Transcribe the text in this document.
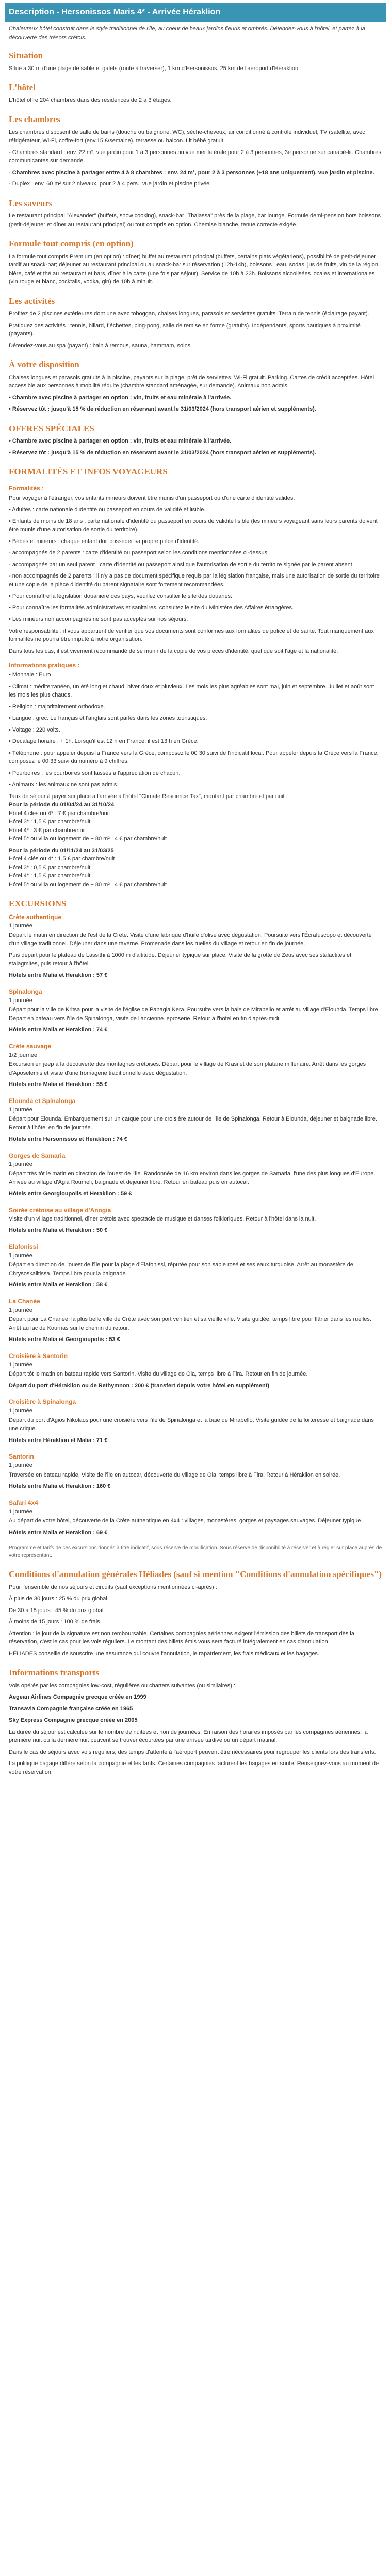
Description - Hersonissos Maris 4* - Arrivée Héraklion

Chaleureux hôtel construit dans le style traditionnel de l'île, au coeur de beaux jardins fleuris et ombrés. Détendez-vous à l'hôtel, et partez à la découverte des trésors crétois.

Situation

Situé à 30 m d'une plage de sable et galets (route à traverser), 1 km d'Hersonissos, 25 km de l'aéroport d'Héraklion.

L'hôtel

L'hôtel offre 204 chambres dans des résidences de 2 à 3 étages.

Les chambres

Les chambres disposent de salle de bains (douche ou baignoire, WC), sèche-cheveux, air conditionné à contrôle individuel, TV (satellite, avec réfrigérateur, Wi-Fi, coffre-fort (env.15 €/semaine), terrasse ou balcon. Lit bébé gratuit.

- Chambres standard : env. 22 m², vue jardin pour 1 à 3 personnes ou vue mer latérale pour 2 à 3 personnes, 3e personne sur canapé-lit. Chambres communicantes sur demande.

- Chambres avec piscine à partager entre 4 à 8 chambres : env. 24 m², pour 2 à 3 personnes (+18 ans uniquement), vue jardin et piscine.

- Duplex : env. 60 m² sur 2 niveaux, pour 2 à 4 pers., vue jardin et piscine privée.

Les saveurs

Le restaurant principal "Alexander" (buffets, show cooking), snack-bar "Thalassa" près de la plage, bar lounge. Formule demi-pension hors boissons (petit-déjeuner et dîner au restaurant principal) ou tout compris en option. Chemise blanche, tenue correcte exigée.

Formule tout compris (en option)

La formule tout compris Premium (en option) : dîner) buffet au restaurant principal (buffets, certains plats végétariens), possibilité de petit-déjeuner tardif au snack-bar; déjeuner au restaurant principal ou au snack-bar sur réservation (12h-14h), boissons : eau, sodas, jus de fruits, vin de la région, bière, café et thé au restaurant et bars, dîner à la carte (une fois par séjour). Service de 10h à 23h. Boissons alcoolisées locales et internationales (vin rouge et blanc, cocktails, vodka, gin) de 10h à minuit.

Les activités

Profitez de 2 piscines extérieures dont une avec toboggan, chaises longues, parasols et serviettes gratuits. Terrain de tennis (éclairage payant).

Pratiquez des activités : tennis, billard, fléchettes, ping-pong, salle de remise en forme (gratuits). Indépendants, sports nautiques à proximité (payants).

Détendez-vous au spa (payant) : bain à remous, sauna, hammam, soins.

À votre disposition

Chaises longues et parasols gratuits à la piscine, payants sur la plage, prêt de serviettes. Wi-Fi gratuit. Parking. Cartes de crédit acceptées. Hôtel accessible aux personnes à mobilité réduite (chambre standard aménagée, sur demande). Animaux non admis.

• Chambre avec piscine à partager en option : vin, fruits et eau minérale à l'arrivée.

• Réservez tôt : jusqu'à 15 % de réduction en réservant avant le 31/03/2024 (hors transport aérien et suppléments).

OFFRES SPÉCIALES

• Chambre avec piscine à partager en option : vin, fruits et eau minérale à l'arrivée.

• Réservez tôt : jusqu'à 15 % de réduction en réservant avant le 31/03/2024 (hors transport aérien et suppléments).

FORMALITÉS ET INFOS VOYAGEURS
Formalités :

Pour voyager à l'étranger, vos enfants mineurs doivent être munis d'un passeport ou d'une carte d'identité valides.

• Adultes : carte nationale d'identité ou passeport en cours de validité et lisible.

• Enfants de moins de 18 ans : carte nationale d'identité ou passeport en cours de validité lisible (les mineurs voyageant sans leurs parents doivent être munis d'une autorisation de sortie du territoire).

• Bébés et mineurs : chaque enfant doit posséder sa propre pièce d'identité.

- accompagnés de 2 parents : carte d'identité ou passeport selon les conditions mentionnées ci-dessus.

- accompagnés par un seul parent : carte d'identité ou passeport ainsi que l'autorisation de sortie du territoire signée par le parent absent.

- non accompagnés de 2 parents : il n'y a pas de document spécifique requis par la législation française, mais une autorisation de sortie du territoire et une copie de la pièce d'identité du parent signataire sont fortement recommandées.

• Pour connaître la législation douanière des pays, veuillez consulter le site des douanes.

• Pour connaître les formalités administratives et sanitaires, consultez le site du Ministère des Affaires étrangères.

• Les mineurs non accompagnés ne sont pas acceptés sur nos séjours.

Votre responsabilité : il vous appartient de vérifier que vos documents sont conformes aux formalités de police et de santé. Tout manquement aux formalités ne pourra être imputé à notre organisation.

Dans tous les cas, il est vivement recommandé de se munir de la copie de vos pièces d'identité, quel que soit l'âge et la nationalité.

Informations pratiques :

• Monnaie : Euro

• Climat : méditerranéen, un été long et chaud, hiver doux et pluvieux. Les mois les plus agréables sont mai, juin et septembre. Juillet et août sont les mois les plus chauds.

• Religion : majoritairement orthodoxe.

• Langue : grec. Le français et l'anglais sont parlés dans les zones touristiques.

• Voltage : 220 volts.

• Décalage horaire : + 1h. Lorsqu'il est 12 h en France, il est 13 h en Grèce.

• Téléphone : pour appeler depuis la France vers la Grèce, composez le 00 30 suivi de l'indicatif local. Pour appeler depuis la Grèce vers la France, composez le 00 33 suivi du numéro à 9 chiffres.

• Pourboires : les pourboires sont laissés à l'appréciation de chacun.

• Animaux : les animaux ne sont pas admis.

Taux de séjour à payer sur place à l'arrivée à l'hôtel "Climate Resilience Tax", montant par chambre et par nuit :

Pour la période du 01/04/24 au 31/10/24

Hôtel 4 clés ou 4* : 7 € par chambre/nuit

Hôtel 3* : 1,5 € par chambre/nuit

Hôtel 4* : 3 € par chambre/nuit

Hôtel 5* ou villa ou logement de + 80 m² : 4 € par chambre/nuit

Pour la période du 01/11/24 au 31/03/25

Hôtel 4 clés ou 4* : 1,5 € par chambre/nuit

Hôtel 3* : 0,5 € par chambre/nuit

Hôtel 4* : 1,5 € par chambre/nuit

Hôtel 5* ou villa ou logement de + 80 m² : 4 € par chambre/nuit

EXCURSIONS

Crète authentique

1 journée

Départ le matin en direction de l'est de la Crète. Visite d'une fabrique d'huile d'olive avec dégustation. Poursuite vers l'Écrafuscopo et découverte d'un village traditionnel. Déjeuner dans une taverne. Promenade dans les ruelles du village et retour en fin de journée.

Puis départ pour le plateau de Lassithi à 1000 m d'altitude. Déjeuner typique sur place. Visite de la grotte de Zeus avec ses stalactites et stalagmites, puis retour à l'hôtel.

Hôtels entre Malia et Heraklion : 57 €

Spinalonga

1 journée

Départ pour la ville de Kritsa pour la visite de l'église de Panagia Kera. Poursuite vers la baie de Mirabello et arrêt au village d'Elounda. Temps libre. Départ en bateau vers l'île de Spinalonga, visite de l'ancienne léproserie. Retour à l'hôtel en fin d'après-midi.

Hôtels entre Malia et Heraklion : 74 €

Crète sauvage

1/2 journée

Excursion en jeep à la découverte des montagnes crétoises. Départ pour le village de Krasi et de son platane millénaire. Arrêt dans les gorges d'Aposelemis et visite d'une fromagerie traditionnelle avec dégustation.

Hôtels entre Malia et Heraklion : 55 €

Elounda et Spinalonga

1 journée

Départ pour Elounda. Embarquement sur un caïque pour une croisière autour de l'île de Spinalonga. Retour à Elounda, déjeuner et baignade libre. Retour à l'hôtel en fin de journée.

Hôtels entre Hersonissos et Heraklion : 74 €

Gorges de Samaria

1 journée

Départ très tôt le matin en direction de l'ouest de l'île. Randonnée de 16 km environ dans les gorges de Samaria, l'une des plus longues d'Europe. Arrivée au village d'Agia Roumeli, baignade et déjeuner libre. Retour en bateau puis en autocar.

Hôtels entre Georgioupolis et Heraklion : 59 €

Soirée crétoise au village d'Anogia

Visite d'un village traditionnel, dîner crétois avec spectacle de musique et danses folkloriques. Retour à l'hôtel dans la nuit.

Hôtels entre Malia et Heraklion : 50 €

Elafonissi

1 journée

Départ en direction de l'ouest de l'île pour la plage d'Elafonissi, réputée pour son sable rosé et ses eaux turquoise. Arrêt au monastère de Chrysoskalitissa. Temps libre pour la baignade.

Hôtels entre Malia et Heraklion : 58 €

La Chanée

1 journée

Départ pour La Chanée, la plus belle ville de Crète avec son port vénitien et sa vieille ville. Visite guidée, temps libre pour flâner dans les ruelles. Arrêt au lac de Kournas sur le chemin du retour.

Hôtels entre Malia et Georgioupolis : 53 €

Croisière à Santorin

1 journée

Départ tôt le matin en bateau rapide vers Santorin. Visite du village de Oia, temps libre à Fira. Retour en fin de journée.

Départ du port d'Héraklion ou de Rethymnon : 200 € (transfert depuis votre hôtel en supplément)

Croisière à Spinalonga

1 journée

Départ du port d'Agios Nikolaos pour une croisière vers l'île de Spinalonga et la baie de Mirabello. Visite guidée de la forteresse et baignade dans une crique.

Hôtels entre Héraklion et Malia : 71 €

Santorin

1 journée

Traversée en bateau rapide. Visite de l'île en autocar, découverte du village de Oia, temps libre à Fira. Retour à Héraklion en soirée.

Hôtels entre Malia et Heraklion : 160 €

Safari 4x4

1 journée

Au départ de votre hôtel, découverte de la Crète authentique en 4x4 : villages, monastères, gorges et paysages sauvages. Déjeuner typique.

Hôtels entre Malia et Heraklion : 69 €

Programme et tarifs de ces excursions donnés à titre indicatif, sous réserve de modification. Sous réserve de disponibilité à réserver et à régler sur place auprès de votre représentant.

Conditions d'annulation générales Héliades (sauf si mention "Conditions d'annulation spécifiques")

Pour l'ensemble de nos séjours et circuits (sauf exceptions mentionnées ci-après) :

À plus de 30 jours : 25 % du prix global

De 30 à 15 jours : 45 % du prix global

À moins de 15 jours : 100 % de frais

Attention : le jour de la signature est non remboursable. Certaines compagnies aériennes exigent l'émission des billets de transport dès la réservation, c'est le cas pour les vols réguliers. Le montant des billets émis vous sera facturé intégralement en cas d'annulation.

HÉLIADES conseille de souscrire une assurance qui couvre l'annulation, le rapatriement, les frais médicaux et les bagages.

Informations transports

Vols opérés par les compagnies low-cost, régulières ou charters suivantes (ou similaires) :

Aegean Airlines Compagnie grecque créée en 1999

Transavia Compagnie française créée en 1965

Sky Express Compagnie grecque créée en 2005

La durée du séjour est calculée sur le nombre de nuitées et non de journées. En raison des horaires imposés par les compagnies aériennes, la première nuit ou la dernière nuit peuvent se trouver écourtées par une arrivée tardive ou un départ matinal.

Dans le cas de séjours avec vols réguliers, des temps d'attente à l'aéroport peuvent être nécessaires pour regrouper les clients lors des transferts.

La politique bagage diffère selon la compagnie et les tarifs. Certaines compagnies facturent les bagages en soute. Renseignez-vous au moment de votre réservation.
